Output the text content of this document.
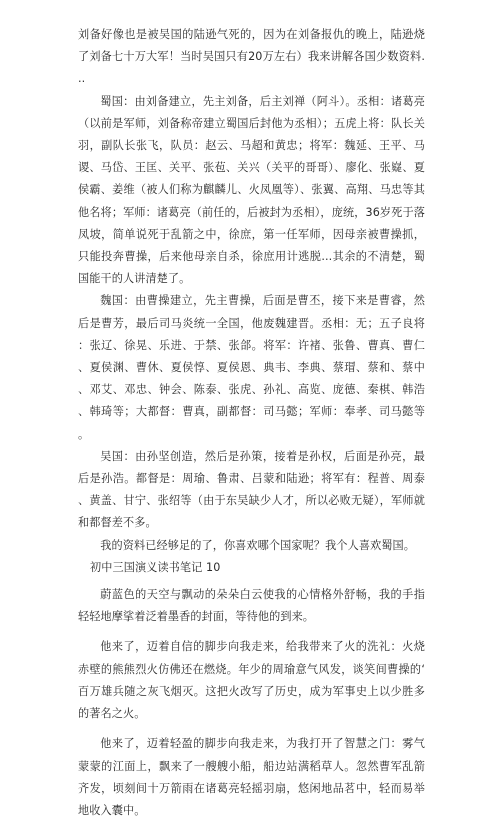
刘备好像也是被吴国的陆逊气死的，因为在刘备报仇的晚上，陆逊烧了刘备七十万大军！当时吴国只有20万左右）我来讲解各国少数资料...

蜀国：由刘备建立，先主刘备，后主刘禅（阿斗）。丞相：诸葛亮（以前是军师，刘备称帝建立蜀国后封他为丞相）；五虎上将：队长关羽，副队长张飞，队员：赵云、马超和黄忠；将军：魏延、王平、马谡、马岱、王匡、关平、张苞、关兴（关平的哥哥）、廖化、张嶷、夏侯霸、姜维（被人们称为麒麟儿、火凤凰等）、张翼、高翔、马忠等其他名将；军师：诸葛亮（前任的，后被封为丞相），庞统，36岁死于落凤坡，简单说死于乱箭之中，徐庶，第一任军师，因母亲被曹操抓，只能投奔曹操，后来他母亲自杀，徐庶用计逃脱...其余的不清楚，蜀国能干的人讲清楚了。

魏国：由曹操建立，先主曹操，后面是曹丕，接下来是曹睿，然后是曹芳，最后司马炎统一全国，他废魏建晋。丞相：无；五子良将：张辽、徐晃、乐进、于禁、张郃。将军：许褚、张鲁、曹真、曹仁、夏侯渊、曹休、夏侯惇、夏侯恩、典韦、李典、蔡瑁、蔡和、蔡中、邓艾、邓忠、钟会、陈泰、张虎、孙礼、高览、庞德、秦棋、韩浩、韩琦等；大都督：曹真，副都督：司马懿；军师：奉孝、司马懿等。

吴国：由孙坚创造，然后是孙策，接着是孙权，后面是孙亮，最后是孙浩。都督是：周瑜、鲁肃、吕蒙和陆逊；将军有：程普、周泰、黄盖、甘宁、张绍等（由于东吴缺少人才，所以必败无疑），军师就和都督差不多。

我的资料已经够足的了，你喜欢哪个国家呢？我个人喜欢蜀国。

初中三国演义读书笔记 10

蔚蓝色的天空与飘动的朵朵白云使我的心情格外舒畅，我的手指轻轻地摩挲着泛着墨香的封面，等待他的到来。

他来了，迈着自信的脚步向我走来，给我带来了火的洗礼：火烧赤壁的熊熊烈火仿佛还在燃烧。年少的周瑜意气风发，谈笑间曹操的‘百万雄兵随之灰飞烟灭。这把火改写了历史，成为军事史上以少胜多的著名之火。

他来了，迈着轻盈的脚步向我走来，为我打开了智慧之门：雾气蒙蒙的江面上，飘来了一艘艘小船，船边站满稻草人。忽然曹军乱箭齐发，顷刻间十万箭雨在诸葛亮轻摇羽扇，悠闲地品茗中，轻而易举地收入囊中。
